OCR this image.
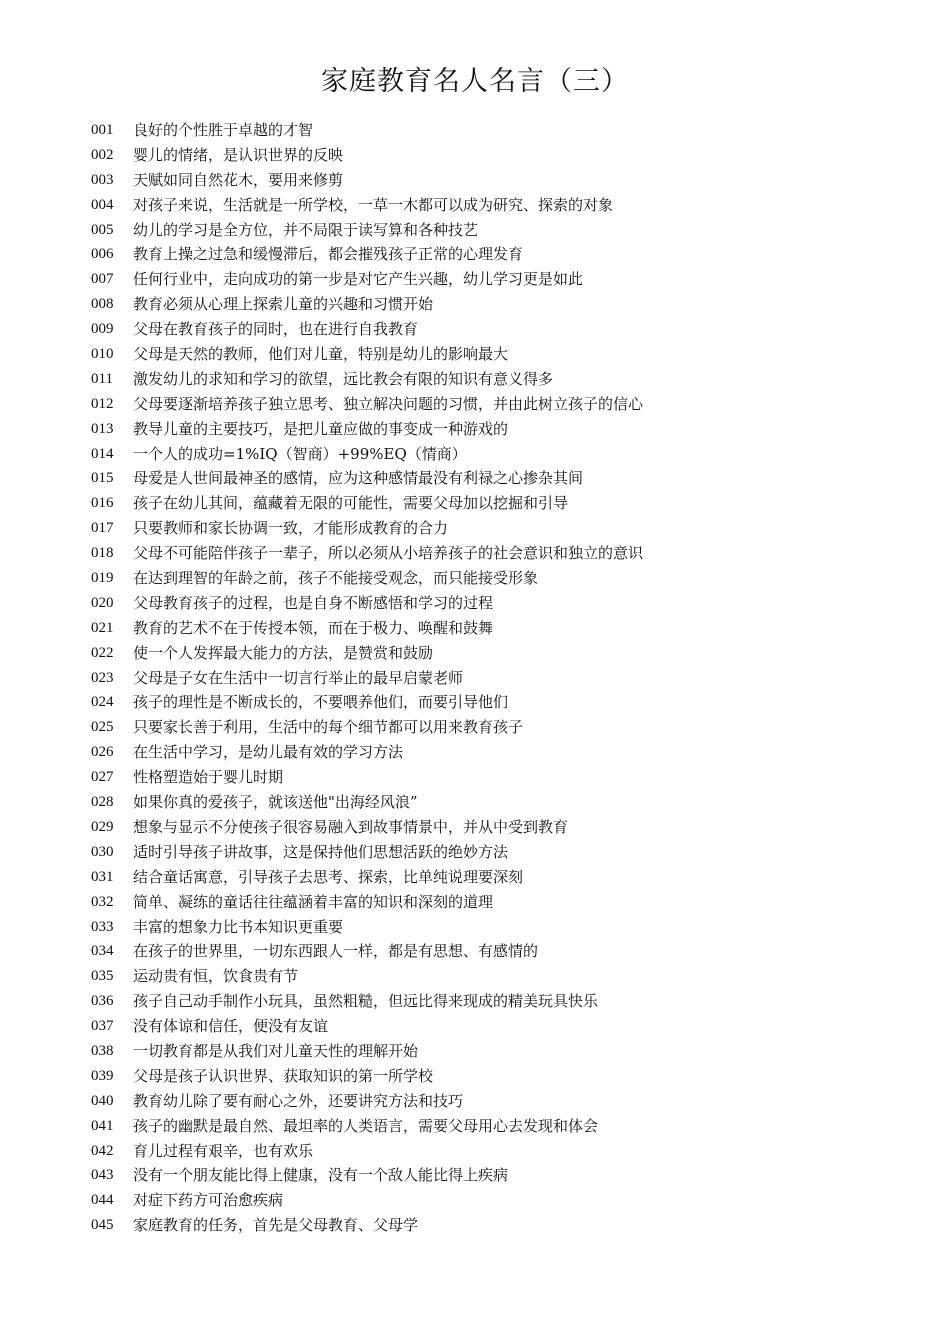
家庭教育名人名言（三）
001	良好的个性胜于卓越的才智
002	婴儿的情绪，是认识世界的反映
003	天赋如同自然花木，要用来修剪
004	对孩子来说，生活就是一所学校，一草一木都可以成为研究、探索的对象
005	幼儿的学习是全方位，并不局限于读写算和各种技艺
006	教育上操之过急和缓慢滞后，都会摧残孩子正常的心理发育
007	任何行业中，走向成功的第一步是对它产生兴趣，幼儿学习更是如此
008	教育必须从心理上探索儿童的兴趣和习惯开始
009	父母在教育孩子的同时，也在进行自我教育
010	父母是天然的教师，他们对儿童，特别是幼儿的影响最大
011	激发幼儿的求知和学习的欲望，远比教会有限的知识有意义得多
012	父母要逐渐培养孩子独立思考、独立解决问题的习惯，并由此树立孩子的信心
013	教导儿童的主要技巧，是把儿童应做的事变成一种游戏的
014	一个人的成功=1%IQ（智商）+99%EQ（情商）
015	母爱是人世间最神圣的感情，应为这种感情最没有利禄之心掺杂其间
016	孩子在幼儿其间，蕴藏着无限的可能性，需要父母加以挖掘和引导
017	只要教师和家长协调一致，才能形成教育的合力
018	父母不可能陪伴孩子一辈子，所以必须从小培养孩子的社会意识和独立的意识
019	在达到理智的年龄之前，孩子不能接受观念，而只能接受形象
020	父母教育孩子的过程，也是自身不断感悟和学习的过程
021	教育的艺术不在于传授本领，而在于极力、唤醒和鼓舞
022	使一个人发挥最大能力的方法，是赞赏和鼓励
023	父母是子女在生活中一切言行举止的最早启蒙老师
024	孩子的理性是不断成长的，不要喂养他们，而要引导他们
025	只要家长善于利用，生活中的每个细节都可以用来教育孩子
026	在生活中学习，是幼儿最有效的学习方法
027	性格塑造始于婴儿时期
028	如果你真的爱孩子，就该送他"出海经风浪”
029	想象与显示不分使孩子很容易融入到故事情景中，并从中受到教育
030	适时引导孩子讲故事，这是保持他们思想活跃的绝妙方法
031	结合童话寓意，引导孩子去思考、探索，比单纯说理要深刻
032	简单、凝练的童话往往蕴涵着丰富的知识和深刻的道理
033	丰富的想象力比书本知识更重要
034	在孩子的世界里，一切东西跟人一样，都是有思想、有感情的
035	运动贵有恒，饮食贵有节
036	孩子自己动手制作小玩具，虽然粗糙，但远比得来现成的精美玩具快乐
037	没有体谅和信任，便没有友谊
038	一切教育都是从我们对儿童天性的理解开始
039	父母是孩子认识世界、获取知识的第一所学校
040	教育幼儿除了要有耐心之外，还要讲究方法和技巧
041	孩子的幽默是最自然、最坦率的人类语言，需要父母用心去发现和体会
042	育儿过程有艰辛，也有欢乐
043	没有一个朋友能比得上健康，没有一个敌人能比得上疾病
044	对症下药方可治愈疾病
045	家庭教育的任务，首先是父母教育、父母学
